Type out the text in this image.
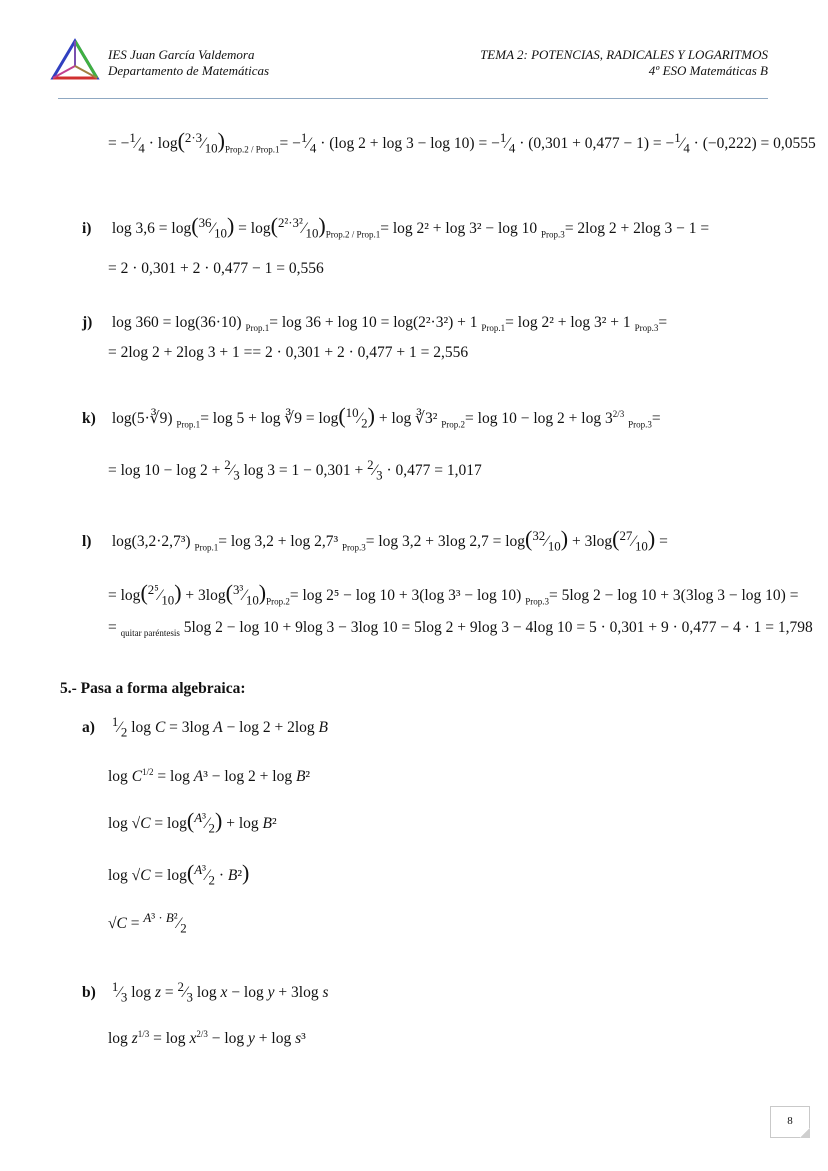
IES Juan García Valdemora
Departamento de Matemáticas
TEMA 2: POTENCIAS, RADICALES Y LOGARITMOS
4º ESO Matemáticas B
= $-^1⁄_4$ · $\log(^{2\cdot 3}⁄_{10})_{Prop.2 / Prop.1}=$ $-^1⁄_4 \cdot (\log$ $2 + \log 3 - \log 10) = -^1⁄_4 \cdot (0,301 + 0,477 - 1)$ = $-^1⁄_4 \cdot (-0,222) = 0,0555$
i) $\log 3,6 = \log(^{36}⁄_{10})$ = $\log(^{2^2\cdot 3^2}⁄_{10})_{Prop.2 / Prop.1}= \log 2^2 + \log 3^2 - \log 10$ $_{Prop.3}$= 2log 2 + 2log 3 − 1 =
= 2 · 0,301 + 2 · 0,477 − 1 = 0,556
j) log 360 = log(36·10) $_{Prop.1}$= log 36 + log 10 = log(2²·3²) + 1 $_{Prop.1}$= log 2² + log 3² + 1 $_{Prop.3}$=
= 2log 2 + 2log 3 + 1 == 2 · 0,301 + 2 · 0,477 + 1 = 2,556
k) log(5·∛9) $_{Prop.1}$= log 5 + log ∛9 = $\log(^{10}⁄_2) + \log$ ∛3² $_{Prop.2}= \log 10 - \log 2 + \log 3^{2/3}$ $_{Prop.3}$=
= $\log 10 - \log 2 + ^2⁄_3$ $\log 3 = 1 - 0,301 + ^2⁄_3 \cdot 0,477 = 1,017$
l) log(3,2·2,7³) $_{Prop.1}$= log 3,2 + log 2,7³ $_{Prop.3}$= log 3,2 + 3log $2,7 = \log(^{32}⁄_{10})$ + $3\log(^{27}⁄_{10})$ =
= $\log(^{2^5}⁄_{10})$ + $3\log(^{3^3}⁄_{10})_{Prop.2}= \log 2^5 - \log 10 + 3(\log$ 3³ − log 10) $_{Prop.3}$= 5log 2 − log 10 + 3(3log 3 − log 10) =
= $_{quitar paréntesis}$ 5log 2 − log 10 + 9log 3 − 3log 10 = 5log 2 + 9log 3 − 4log 10 = 5 · 0,301 + 9 · 0,477 − 4 · 1 = 1,798
5.- Pasa a forma algebraica:
a) $^1⁄_2$ log C = 3log A − log 2 + 2log B
$\log C^{1/2} = \log A^3 - \log 2 + \log B^2$
$\log √C = \log(^{A^3}⁄_2) + \log B^2$
$\log √C = \log(^{A^3}⁄_2 \cdot B^2)$
$√C = ^{A^3 \cdot B^2}⁄_2$
b) $^1⁄_3$ $\log z = ^2⁄_3$ log x − log y + 3log s
$\log z^{1/3} = \log x^{2/3} - \log y + \log s^3$
8
